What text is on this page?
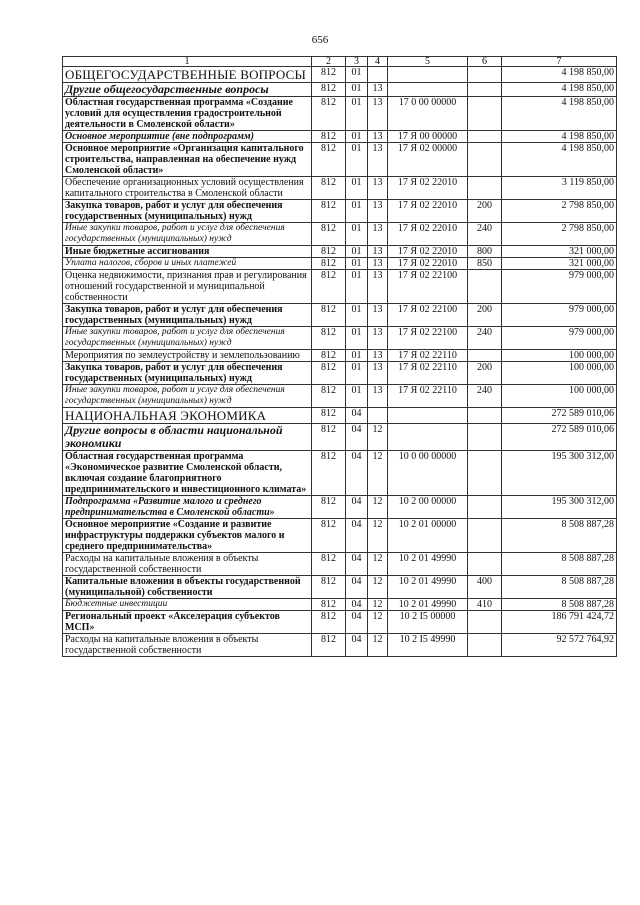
656
1	2	3	4	5	6	7
ОБЩЕГОСУДАРСТВЕННЫЕ ВОПРОСЫ	812	01				4 198 850,00
Другие общегосударственные вопросы	812	01	13			4 198 850,00
Областная государственная программа «Создание условий для осуществления градостроительной деятельности в Смоленской области»	812	01	13	17 0 00 00000		4 198 850,00
Основное мероприятие (вне подпрограмм)	812	01	13	17 Я 00 00000		4 198 850,00
Основное мероприятие «Организация капитального строительства, направленная на обеспечение нужд Смоленской области»	812	01	13	17 Я 02 00000		4 198 850,00
Обеспечение организационных условий осуществления капитального строительства в Смоленской области	812	01	13	17 Я 02 22010		3 119 850,00
Закупка товаров, работ и услуг для обеспечения государственных (муниципальных) нужд	812	01	13	17 Я 02 22010	200	2 798 850,00
Иные закупки товаров, работ и услуг для обеспечения государственных (муниципальных) нужд	812	01	13	17 Я 02 22010	240	2 798 850,00
Иные бюджетные ассигнования	812	01	13	17 Я 02 22010	800	321 000,00
Уплата налогов, сборов и иных платежей	812	01	13	17 Я 02 22010	850	321 000,00
Оценка недвижимости, признания прав и регулирования отношений государственной и муниципальной собственности	812	01	13	17 Я 02 22100		979 000,00
Закупка товаров, работ и услуг для обеспечения государственных (муниципальных) нужд	812	01	13	17 Я 02 22100	200	979 000,00
Иные закупки товаров, работ и услуг для обеспечения государственных (муниципальных) нужд	812	01	13	17 Я 02 22100	240	979 000,00
Мероприятия по землеустройству и землепользованию	812	01	13	17 Я 02 22110		100 000,00
Закупка товаров, работ и услуг для обеспечения государственных (муниципальных) нужд	812	01	13	17 Я 02 22110	200	100 000,00
Иные закупки товаров, работ и услуг для обеспечения государственных (муниципальных) нужд	812	01	13	17 Я 02 22110	240	100 000,00
НАЦИОНАЛЬНАЯ ЭКОНОМИКА	812	04				272 589 010,06
Другие вопросы в области национальной экономики	812	04	12			272 589 010,06
Областная государственная программа «Экономическое развитие Смоленской области, включая создание благоприятного предпринимательского и инвестиционного климата»	812	04	12	10 0 00 00000		195 300 312,00
Подпрограмма «Развитие малого и среднего предпринимательства в Смоленской области»	812	04	12	10 2 00 00000		195 300 312,00
Основное мероприятие «Создание и развитие инфраструктуры поддержки субъектов малого и среднего предпринимательства»	812	04	12	10 2 01 00000		8 508 887,28
Расходы на капитальные вложения в объекты государственной собственности	812	04	12	10 2 01 49990		8 508 887,28
Капитальные вложения в объекты государственной (муниципальной) собственности	812	04	12	10 2 01 49990	400	8 508 887,28
Бюджетные инвестиции	812	04	12	10 2 01 49990	410	8 508 887,28
Региональный проект «Акселерация субъектов МСП»	812	04	12	10 2 I5 00000		186 791 424,72
Расходы на капитальные вложения в объекты государственной собственности	812	04	12	10 2 I5 49990		92 572 764,92
